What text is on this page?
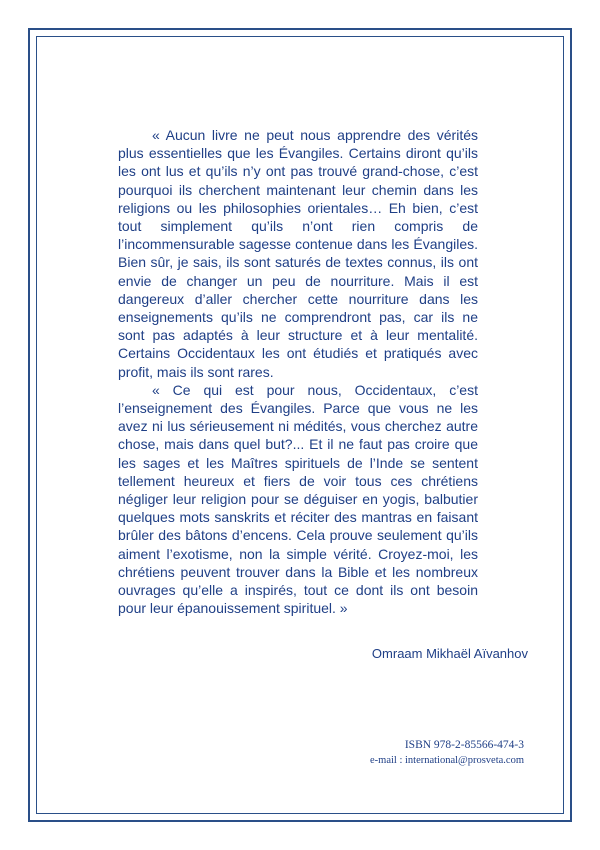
« Aucun livre ne peut nous apprendre des vérités plus essentielles que les Évangiles. Certains diront qu’ils les ont lus et qu’ils n’y ont pas trouvé grand-chose, c’est pourquoi ils cherchent maintenant leur chemin dans les religions ou les philosophies orientales… Eh bien, c’est tout simplement qu’ils n’ont rien compris de l’incommensurable sagesse contenue dans les Évangiles. Bien sûr, je sais, ils sont saturés de textes connus, ils ont envie de changer un peu de nourriture. Mais il est dangereux d’aller chercher cette nourriture dans les enseignements qu’ils ne comprendront pas, car ils ne sont pas adaptés à leur structure et à leur mentalité. Certains Occidentaux les ont étudiés et pratiqués avec profit, mais ils sont rares.

« Ce qui est pour nous, Occidentaux, c’est l’enseignement des Évangiles. Parce que vous ne les avez ni lus sérieusement ni médités, vous cherchez autre chose, mais dans quel but?... Et il ne faut pas croire que les sages et les Maîtres spirituels de l’Inde se sentent tellement heureux et fiers de voir tous ces chrétiens négliger leur religion pour se déguiser en yogis, balbutier quelques mots sanskrits et réciter des mantras en faisant brûler des bâtons d’encens. Cela prouve seulement qu’ils aiment l’exotisme, non la simple vérité. Croyez-moi, les chrétiens peuvent trouver dans la Bible et les nombreux ouvrages qu’elle a inspirés, tout ce dont ils ont besoin pour leur épanouissement spirituel. »

Omraam Mikhaël Aïvanhov
ISBN 978-2-85566-474-3
e-mail : international@prosveta.com
